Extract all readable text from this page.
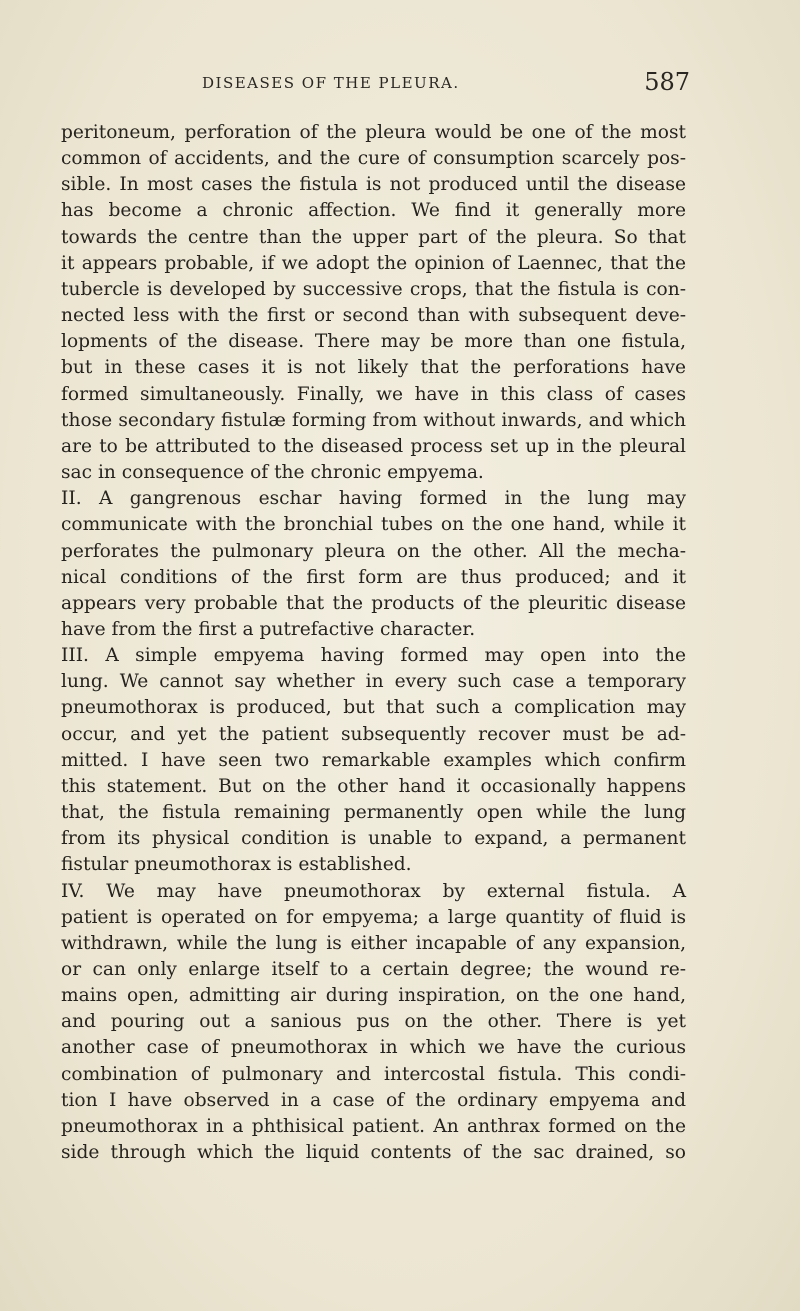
DISEASES OF THE PLEURA.	587
peritoneum, perforation of the pleura would be one of the most
common of accidents, and the cure of consumption scarcely pos-
sible. In most cases the fistula is not produced until the disease
has become a chronic affection. We find it generally more
towards the centre than the upper part of the pleura. So that
it appears probable, if we adopt the opinion of Laennec, that the
tubercle is developed by successive crops, that the fistula is con-
nected less with the first or second than with subsequent deve-
lopments of the disease. There may be more than one fistula,
but in these cases it is not likely that the perforations have
formed simultaneously. Finally, we have in this class of cases
those secondary fistulæ forming from without inwards, and which
are to be attributed to the diseased process set up in the pleural
sac in consequence of the chronic empyema.
II. A gangrenous eschar having formed in the lung may
communicate with the bronchial tubes on the one hand, while it
perforates the pulmonary pleura on the other. All the mecha-
nical conditions of the first form are thus produced; and it
appears very probable that the products of the pleuritic disease
have from the first a putrefactive character.
III. A simple empyema having formed may open into the
lung. We cannot say whether in every such case a temporary
pneumothorax is produced, but that such a complication may
occur, and yet the patient subsequently recover must be ad-
mitted. I have seen two remarkable examples which confirm
this statement. But on the other hand it occasionally happens
that, the fistula remaining permanently open while the lung
from its physical condition is unable to expand, a permanent
fistular pneumothorax is established.
IV. We may have pneumothorax by external fistula. A
patient is operated on for empyema; a large quantity of fluid is
withdrawn, while the lung is either incapable of any expansion,
or can only enlarge itself to a certain degree; the wound re-
mains open, admitting air during inspiration, on the one hand,
and pouring out a sanious pus on the other. There is yet
another case of pneumothorax in which we have the curious
combination of pulmonary and intercostal fistula. This condi-
tion I have observed in a case of the ordinary empyema and
pneumothorax in a phthisical patient. An anthrax formed on the
side through which the liquid contents of the sac drained, so
